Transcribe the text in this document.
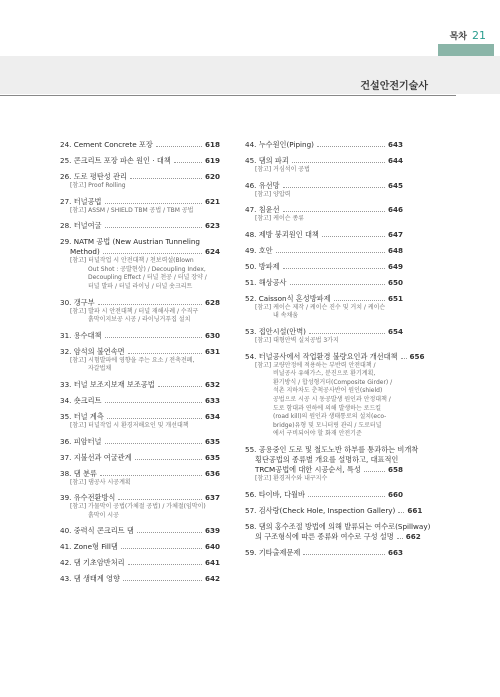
목차 21
건설안전기술사
24. Cement Concrete 포장	618
25. 콘크리트 포장 파손 원인 · 대책	619
26. 도로 평탄성 관리	620
[참고] Proof Rolling
27. 터널공법	621
[참고] ASSM / SHIELD TBM 공법 / TBM 공법
28. 터널여굴	623
29. NATM 공법 (New Austrian Tunneling
Method)	624
[참고] 터널작업 시 안전대책 / 천보력설(Blown
Out Shot : 공발현상) / Decoupling Index,
Decoupling Effect / 터널 천공 / 터널 장약 /
터널 발파 / 터널 라이닝 / 터널 숏크리트
30. 갱구부	628
[참고] 발파 시 안전대책 / 터널 재해사례 / 수직구
흙막이지보공 시공 / 라이닝거푸집 설치
31. 용수대책	630
32. 암석의 불연속면	631
[참고] 시험발파에 영향을 주는 요소 / 전축전폐,
자갈법채
33. 터널 보조지보재 보조공법	632
34. 숏크리트	633
35. 터널 계측	634
[참고] 터널작업 시 환경저해요인 및 개선대책
36. 피암터널	635
37. 지불선과 여굴관계	635
38. 댐 분류	636
[참고] 댐공사 시공계획
39. 유수전환방식	637
[참고] 가물막이 공법(가체절 공법) / 가체절(임막이)
흙막이 시공
40. 중력식 콘크리트 댐	639
41. Zone형 Fill댐	640
42. 댐 기초암반처리	641
43. 댐 생태계 영향	642
44. 누수원인(Piping)	643
45. 댐의 파괴	644
[참고] 거심석이 공법
46. 유선망	645
[참고] 양압력
47. 침윤선	646
[참고] 케이슨 종류
48. 제방 붕괴원인 대책	647
49. 호안	648
50. 방파제	649
51. 해상공사	650
52. Caisson식 혼성방파제	651
[참고] 케이슨 제작 / 케이슨 진수 및 거치 / 케이슨
내 속채움
53. 접안시설(안벽)	654
[참고] 대형안벽 실치공법 3가지
54. 터널공사에서 작업환경 불량요인과 개선대책 656
[참고] 교량안정에 적용하는 부반력 안전대책 /
비닐공사 유해가스, 분진으로 환기계획,
환기방식 / 합성형거더(Composite Girder) /
석촌 지하차도 춘척공사반어 원인(shield)
공법으로 시공 시 동공발생 원인과 안정대책 /
도로 함대과 연하에 의해 발생하는 로드킬
(road kill)의 원인과 생태통로의 설치(eco-
bridge)유형 및 모니터링 관리 / 도로터널
에서 구비되어야 할 화재 안전기준
55. 공용중인 도로 및 철도노반 하부를 통과하는 비개착
횡단공법의 종류별 개요를 설명하고, 대표적인
TRCM공법에 대한 시공순서, 특성	658
[참고] 환경저수와 내구지수
56. 타이바, 다월바	660
57. 검사랑(Check Hole, Inspection Gallery) 661
58. 댐의 홍수조절 방법에 의해 발류되는 여수로(Spillway)
의 구조형식에 따른 종류와 여수로 구성 설명 662
59. 기타출제문제	663
